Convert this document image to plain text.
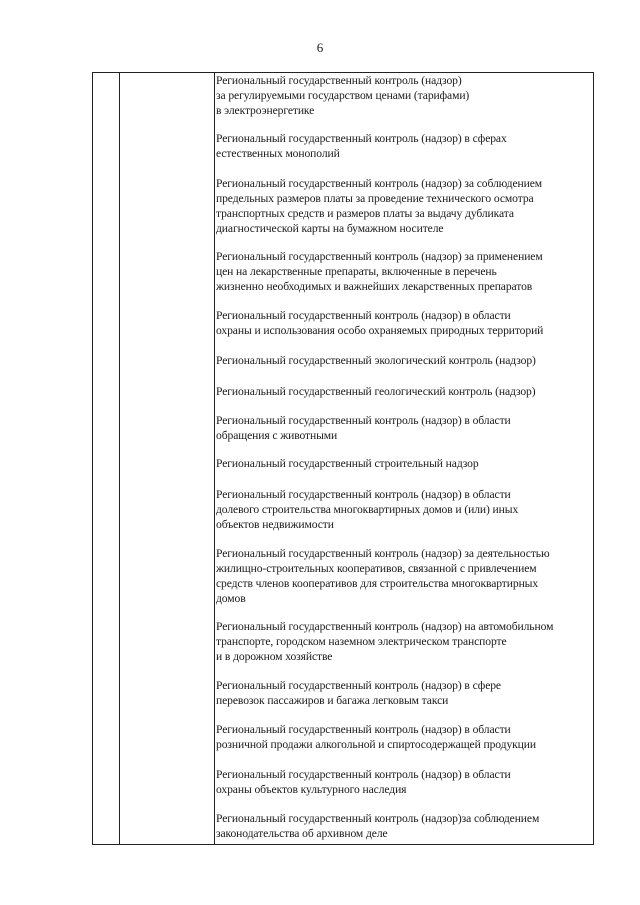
6
Региональный государственный контроль (надзор)
за регулируемыми государством ценами (тарифами)
в электроэнергетике
Региональный государственный контроль (надзор) в сферах
естественных монополий
Региональный государственный контроль (надзор) за соблюдением
предельных размеров платы за проведение технического осмотра
транспортных средств и размеров платы за выдачу дубликата
диагностической карты на бумажном носителе
Региональный государственный контроль (надзор) за применением
цен на лекарственные препараты, включенные в перечень
жизненно необходимых и важнейших лекарственных препаратов
Региональный государственный контроль (надзор) в области
охраны и использования особо охраняемых природных территорий
Региональный государственный экологический контроль (надзор)
Региональный государственный геологический контроль (надзор)
Региональный государственный контроль (надзор) в области
обращения с животными
Региональный государственный строительный надзор
Региональный государственный контроль (надзор) в области
долевого строительства многоквартирных домов и (или) иных
объектов недвижимости
Региональный государственный контроль (надзор) за деятельностью
жилищно-строительных кооперативов, связанной с привлечением
средств членов кооперативов для строительства многоквартирных
домов
Региональный государственный контроль (надзор) на автомобильном
транспорте, городском наземном электрическом транспорте
и в дорожном хозяйстве
Региональный государственный контроль (надзор) в сфере
перевозок пассажиров и багажа легковым такси
Региональный государственный контроль (надзор) в области
розничной продажи алкогольной и спиртосодержащей продукции
Региональный государственный контроль (надзор) в области
охраны объектов культурного наследия
Региональный государственный контроль (надзор)за соблюдением
законодательства об архивном деле
